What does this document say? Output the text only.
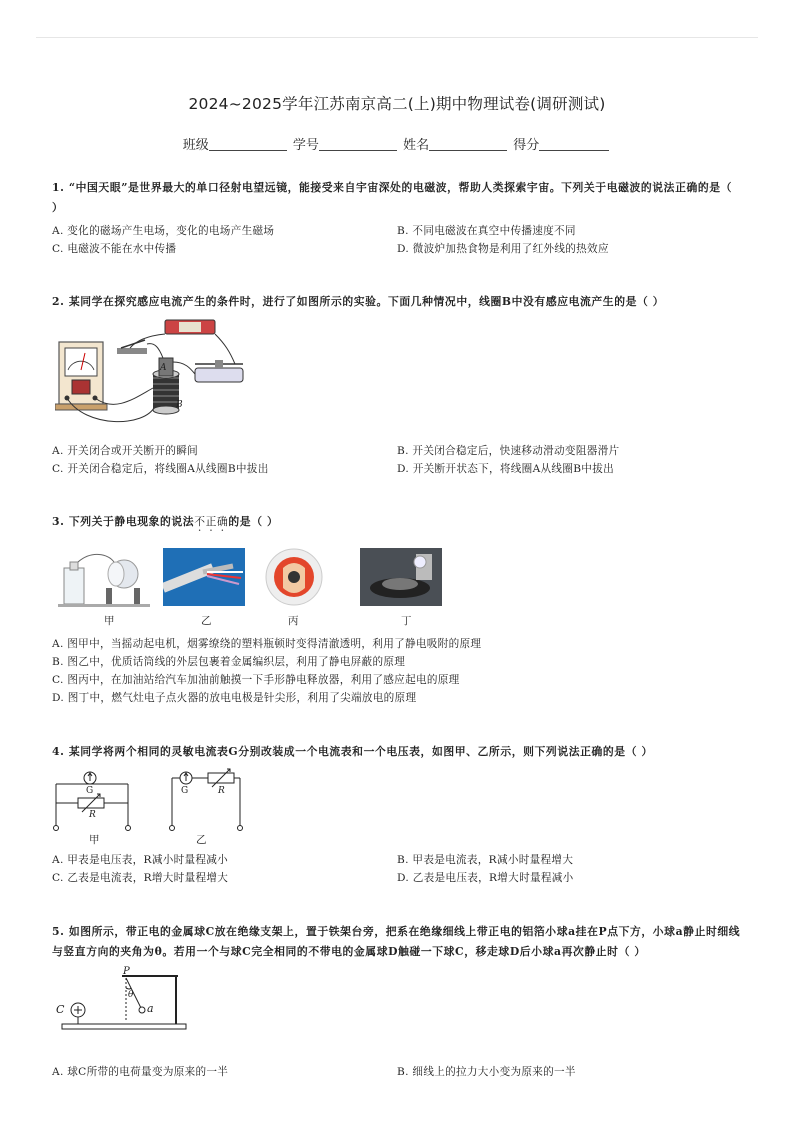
2024~2025学年江苏南京高二(上)期中物理试卷(调研测试)
班级	学号	姓名	得分
1. “中国天眼”是世界最大的单口径射电望远镜，能接受来自宇宙深处的电磁波，帮助人类探索宇宙。下列关于电磁波的说法正确的是（ ）
A. 变化的磁场产生电场，变化的电场产生磁场	B. 不同电磁波在真空中传播速度不同
C. 电磁波不能在水中传播	D. 微波炉加热食物是利用了红外线的热效应
2. 某同学在探究感应电流产生的条件时，进行了如图所示的实验。下面几种情况中，线圈B中没有感应电流产生的是（ ）
A
B
A. 开关闭合或开关断开的瞬间	B. 开关闭合稳定后，快速移动滑动变阻器滑片
C. 开关闭合稳定后，将线圈A从线圈B中拔出	D. 开关断开状态下，将线圈A从线圈B中拔出
3. 下列关于静电现象的说法不正确的是（ ）
甲	乙	丙	丁
A. 图甲中，当摇动起电机，烟雾缭绕的塑料瓶顿时变得清澈透明，利用了静电吸附的原理
B. 图乙中，优质话筒线的外层包裹着金属编织层，利用了静电屏蔽的原理
C. 图丙中，在加油站给汽车加油前触摸一下手形静电释放器，利用了感应起电的原理
D. 图丁中，燃气灶电子点火器的放电电极是针尖形，利用了尖端放电的原理
4. 某同学将两个相同的灵敏电流表G分别改装成一个电流表和一个电压表，如图甲、乙所示，则下列说法正确的是（ ）
G
R
甲
G	R
乙
A. 甲表是电压表，R减小时量程减小	B. 甲表是电流表，R减小时量程增大
C. 乙表是电流表，R增大时量程增大	D. 乙表是电压表，R增大时量程减小
5. 如图所示，带正电的金属球C放在绝缘支架上，置于铁架台旁，把系在绝缘细线上带正电的铝箔小球a挂在P点下方，小球a静止时细线与竖直方向的夹角为θ。若用一个与球C完全相同的不带电的金属球D触碰一下球C，移走球D后小球a再次静止时（ ）
P
θ
C	a
A. 球C所带的电荷量变为原来的一半	B. 细线上的拉力大小变为原来的一半
